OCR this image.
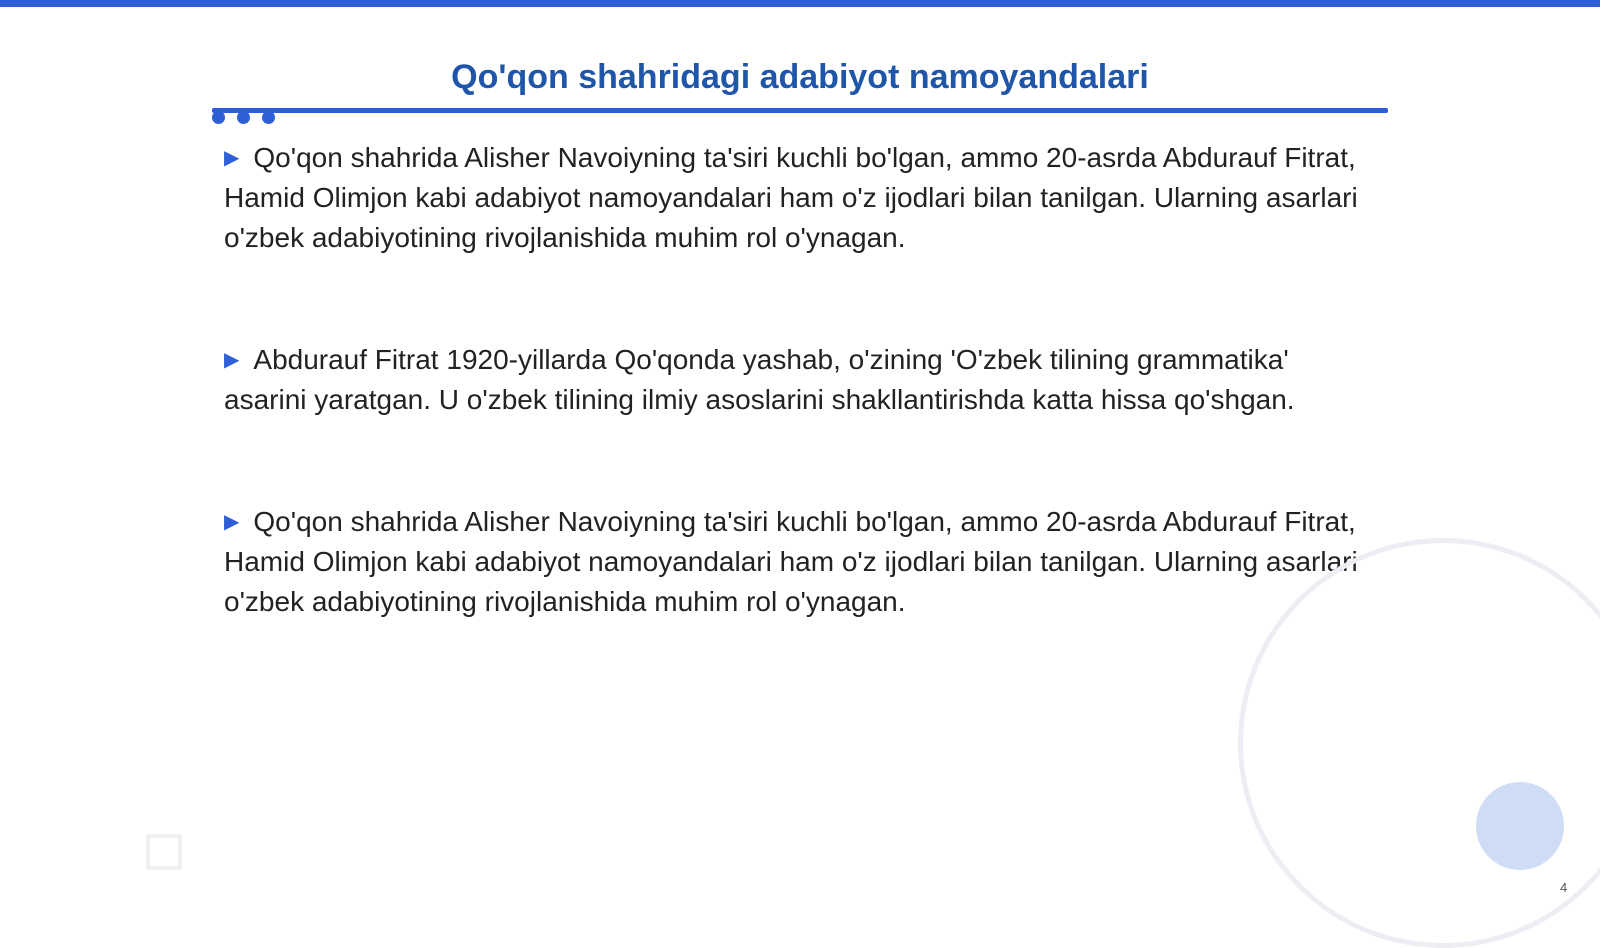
Qo'qon shahridagi adabiyot namoyandalari

▶ Qo'qon shahrida Alisher Navoiyning ta'siri kuchli bo'lgan, ammo 20-asrda Abdurauf Fitrat, Hamid Olimjon kabi adabiyot namoyandalari ham o'z ijodlari bilan tanilgan. Ularning asarlari o'zbek adabiyotining rivojlanishida muhim rol o'ynagan.

▶ Abdurauf Fitrat 1920-yillarda Qo'qonda yashab, o'zining 'O'zbek tilining grammatika' asarini yaratgan. U o'zbek tilining ilmiy asoslarini shakllantirishda katta hissa qo'shgan.

▶ Qo'qon shahrida Alisher Navoiyning ta'siri kuchli bo'lgan, ammo 20-asrda Abdurauf Fitrat, Hamid Olimjon kabi adabiyot namoyandalari ham o'z ijodlari bilan tanilgan. Ularning asarlari o'zbek adabiyotining rivojlanishida muhim rol o'ynagan.

4
